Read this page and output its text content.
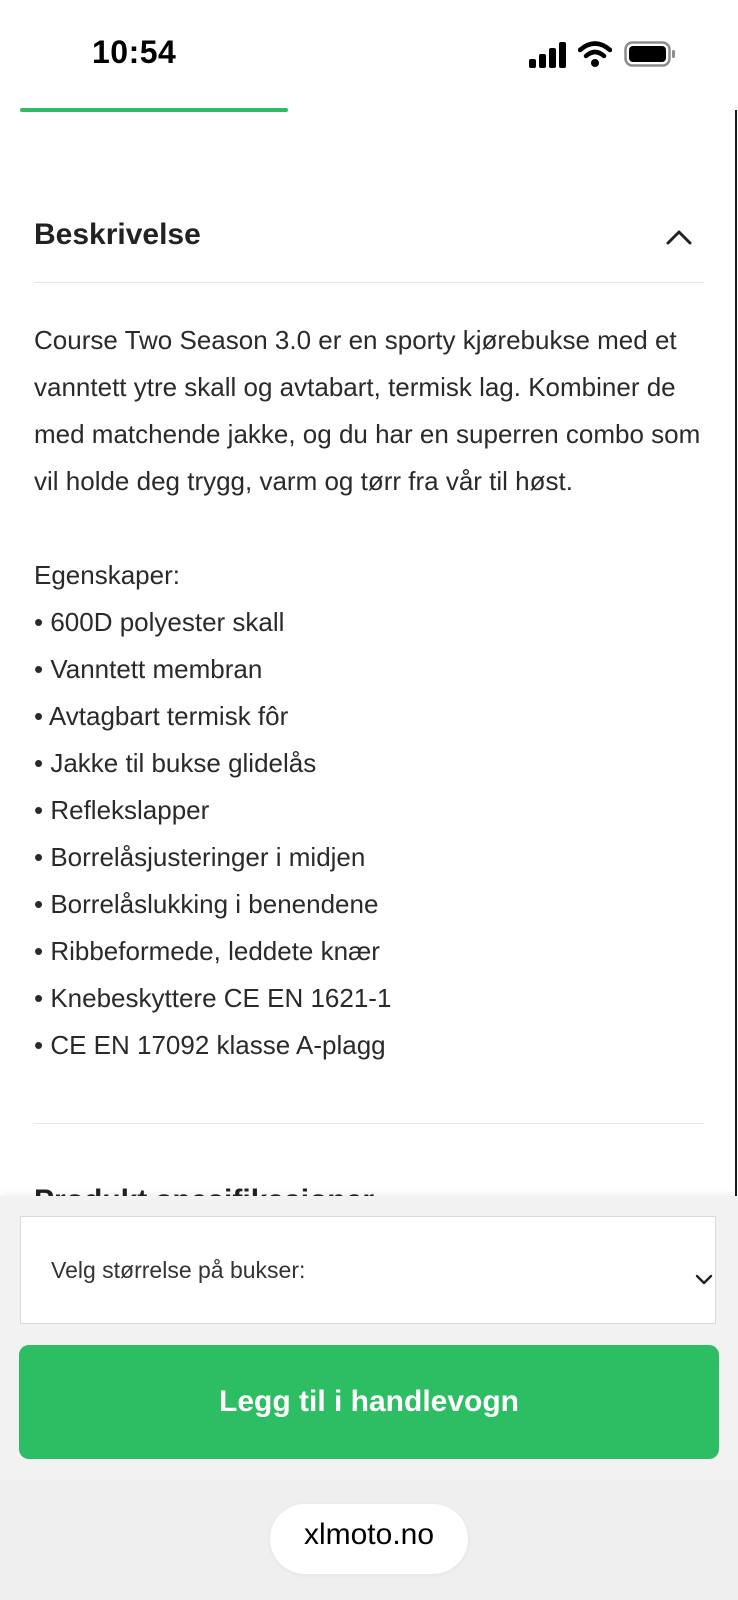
10:54
Beskrivelse

Course Two Season 3.0 er en sporty kjørebukse med et vanntett ytre skall og avtabart, termisk lag. Kombiner de med matchende jakke, og du har en superren combo som vil holde deg trygg, varm og tørr fra vår til høst.

Egenskaper:

• 600D polyester skall
• Vanntett membran
• Avtagbart termisk fôr
• Jakke til bukse glidelås
• Reflekslapper
• Borrelåsjusteringer i midjen
• Borrelåslukking i benendene
• Ribbeformede, leddete knær
• Knebeskyttere CE EN 1621-1
• CE EN 17092 klasse A-plagg
Velg størrelse på bukser:
Legg til i handlevogn
xlmoto.no
